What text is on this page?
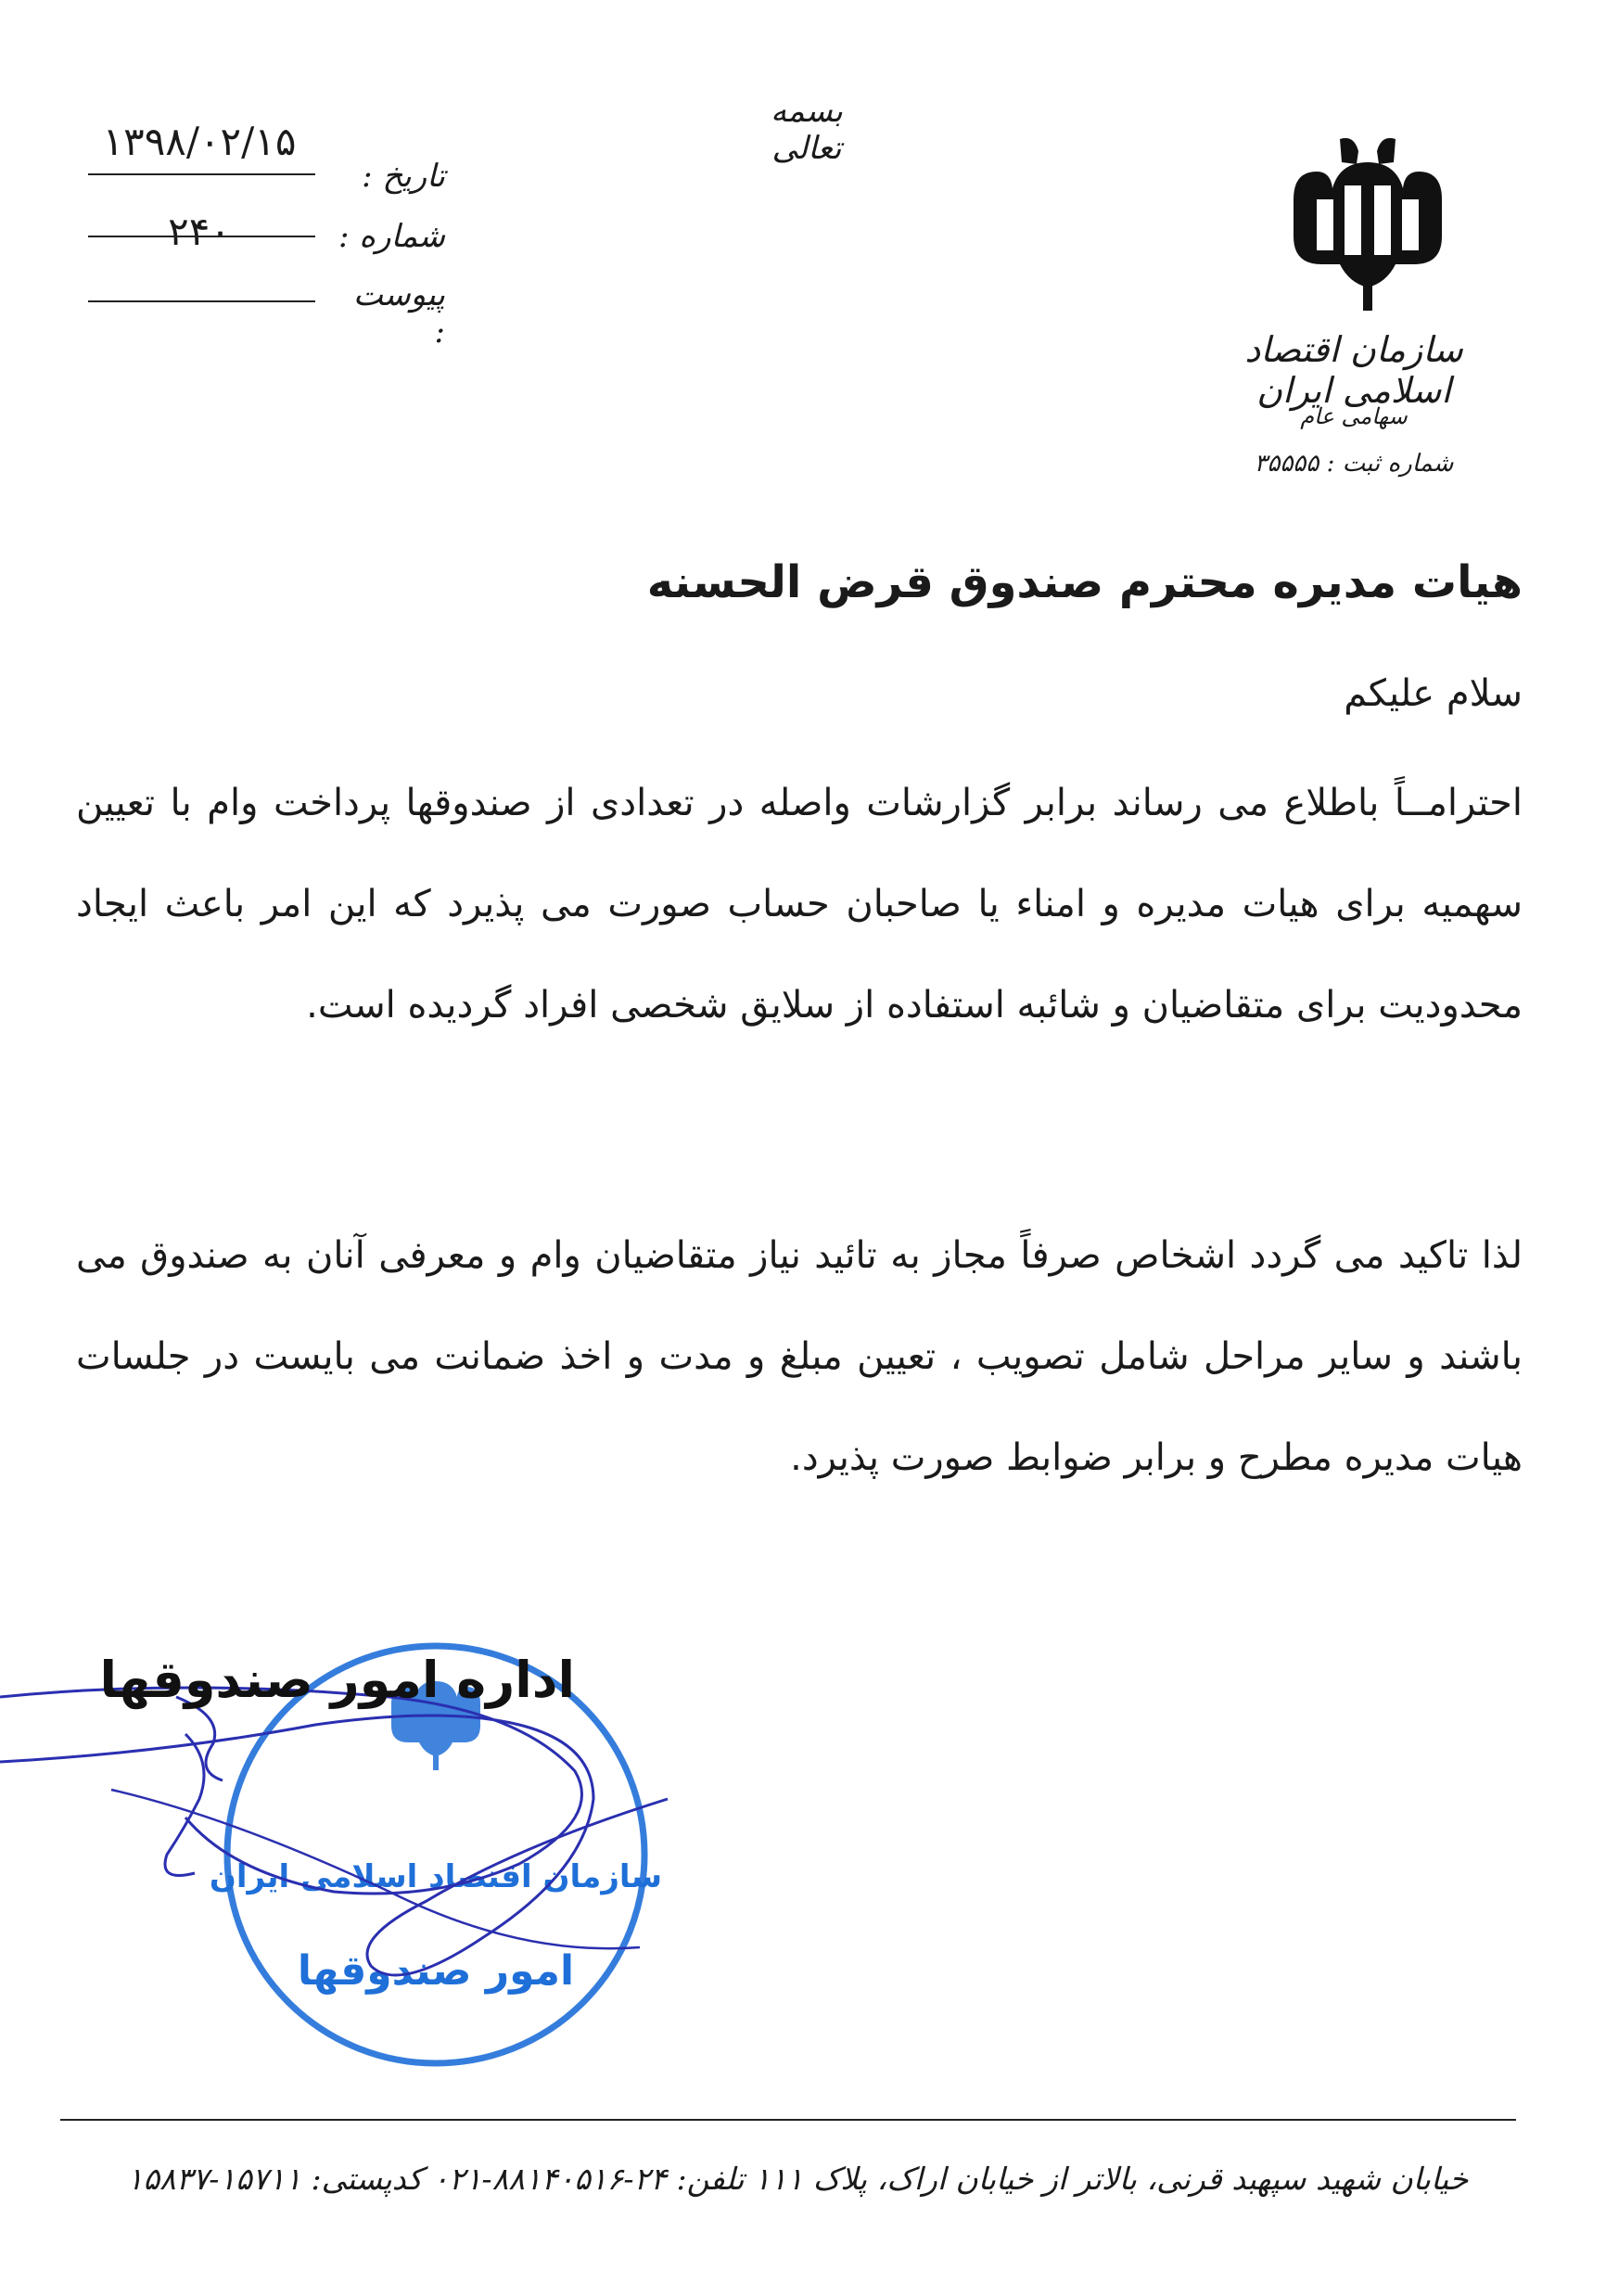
بسمه تعالی
تاریخ :
۱۳۹۸/۰۲/۱۵
شماره :
۲۴۰
پیوست :	سازمان اقتصاد اسلامی ایران
سهامی عام
شماره ثبت : ۳۵۵۵۵
هیات مدیره محترم صندوق قرض الحسنه
سلام علیکم
احترامــاً باطلاع می رساند برابر گزارشات واصله در تعدادی از صندوقها پرداخت وام با تعیین سهمیه برای هیات مدیره و امناء یا صاحبان حساب صورت می پذیرد که این امر باعث ایجاد محدودیت برای متقاضیان و شائبه استفاده از سلایق شخصی افراد گردیده است.
لذا تاکید می گردد اشخاص صرفاً مجاز به تائید نیاز متقاضیان وام و معرفی آنان به صندوق می باشند و سایر مراحل شامل تصویب ، تعیین مبلغ و مدت و اخذ ضمانت می بایست در جلسات هیات مدیره مطرح و برابر ضوابط صورت پذیرد.
سازمان اقتصاد اسلامی ایران
امور صندوقها
اداره امور صندوقها
خیابان شهید سپهبد قرنی، بالاتر از خیابان اراک، پلاک ۱۱۱ تلفن: ۲۴-۸۸۱۴۰۵۱۶-۰۲۱ کدپستی: ۱۵۷۱۱-۱۵۸۳۷
